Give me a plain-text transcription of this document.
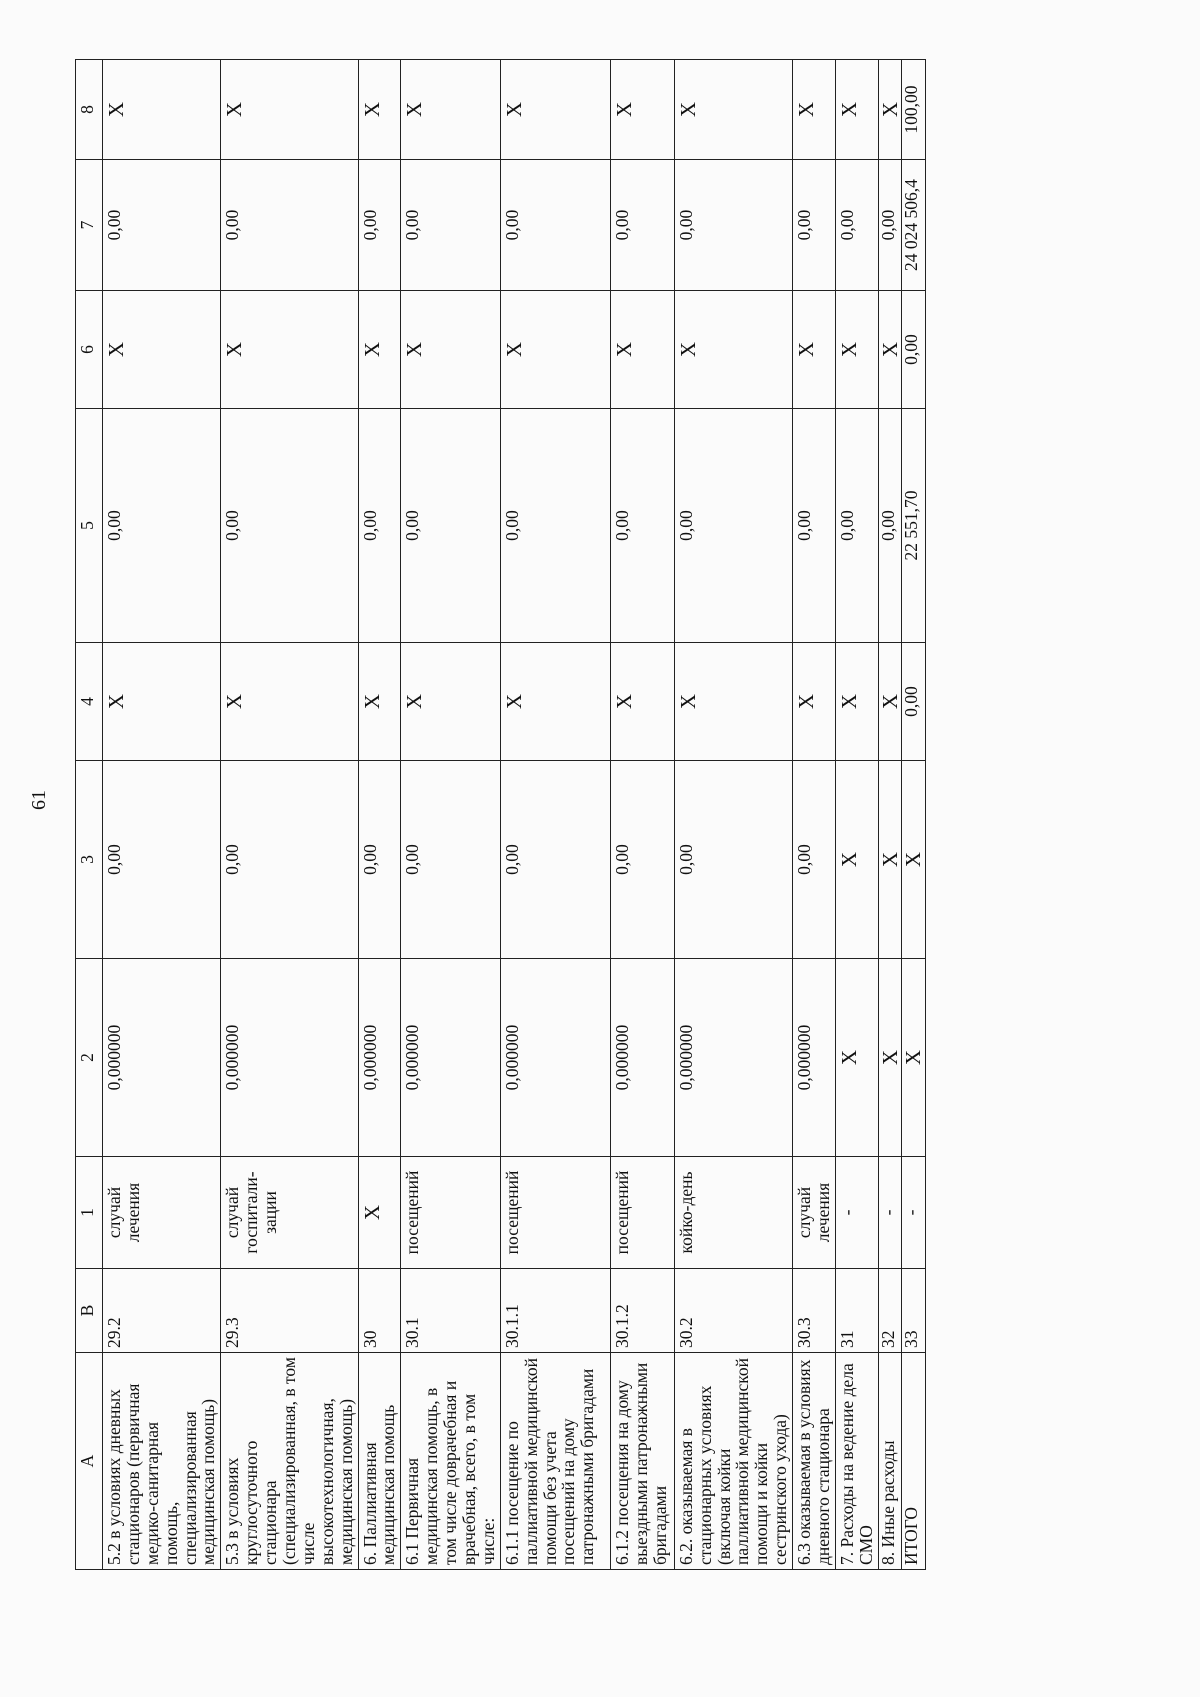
61
A	B	1	2	3	4	5	6	7	8
5.2 в условиях дневных стационаров (первичная медико-санитарная помощь, специализированная медицинская помощь)	29.2	случай лечения	0,000000	0,00	X	0,00	X	0,00	X
5.3 в условиях круглосуточного стационара (специализированная, в том числе высокотехнологичная, медицинская помощь)	29.3	случай госпитали-зации	0,000000	0,00	X	0,00	X	0,00	X
6. Паллиативная медицинская помощь	30	X	0,000000	0,00	X	0,00	X	0,00	X
6.1 Первичная медицинская помощь, в том числе доврачебная и врачебная, всего, в том числе:	30.1	посещений	0,000000	0,00	X	0,00	X	0,00	X
6.1.1 посещение по паллиативной медицинской помощи без учета посещений на дому патронажными бригадами	30.1.1	посещений	0,000000	0,00	X	0,00	X	0,00	X
6.1.2 посещения на дому выездными патронажными бригадами	30.1.2	посещений	0,000000	0,00	X	0,00	X	0,00	X
6.2. оказываемая в стационарных условиях (включая койки паллиативной медицинской помощи и койки сестринского ухода)	30.2	койко-день	0,000000	0,00	X	0,00	X	0,00	X
6.3 оказываемая в условиях дневного стационара	30.3	случай лечения	0,000000	0,00	X	0,00	X	0,00	X
7. Расходы на ведение дела СМО	31	-	X	X	X	0,00	X	0,00	X
8. Иные расходы	32	-	X	X	X	0,00	X	0,00	X
ИТОГО	33	-	X	X	0,00	22 551,70	0,00	24 024 506,4	100,00
